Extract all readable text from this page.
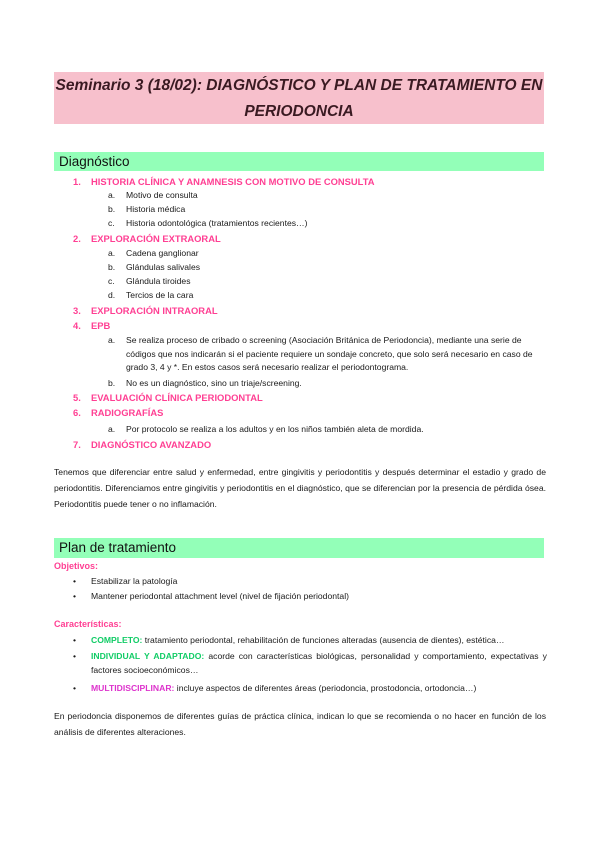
Seminario 3 (18/02): DIAGNÓSTICO Y PLAN DE TRATAMIENTO EN
PERIODONCIA
Diagnóstico
1. HISTORIA CLÍNICA Y ANAMNESIS CON MOTIVO DE CONSULTA
a. Motivo de consulta
b. Historia médica
c. Historia odontológica (tratamientos recientes…)
2. EXPLORACIÓN EXTRAORAL
a. Cadena ganglionar
b. Glándulas salivales
c. Glándula tiroides
d. Tercios de la cara
3. EXPLORACIÓN INTRAORAL
4. EPB
a.	Se realiza proceso de cribado o screening (Asociación Británica de Periodoncia), mediante una serie de códigos que nos indicarán si el paciente requiere un sondaje concreto, que solo será necesario en caso de grado 3, 4 y *. En estos casos será necesario realizar el periodontograma.
b. No es un diagnóstico, sino un triaje/screening.
5. EVALUACIÓN CLÍNICA PERIODONTAL
6. RADIOGRAFÍAS
a. Por protocolo se realiza a los adultos y en los niños también aleta de mordida.
7. DIAGNÓSTICO AVANZADO
Tenemos que diferenciar entre salud y enfermedad, entre gingivitis y periodontitis y después determinar el estadio y grado de periodontitis. Diferenciamos entre gingivitis y periodontitis en el diagnóstico, que se diferencian por la presencia de pérdida ósea. Periodontitis puede tener o no inflamación.
Plan de tratamiento
Objetivos:
• Estabilizar la patología
• Mantener periodontal attachment level (nivel de fijación periodontal)
Características:
•	COMPLETO: tratamiento periodontal, rehabilitación de funciones alteradas (ausencia de dientes), estética…
•	INDIVIDUAL Y ADAPTADO: acorde con características biológicas, personalidad y comportamiento, expectativas y factores socioeconómicos…
•	MULTIDISCIPLINAR: incluye aspectos de diferentes áreas (periodoncia, prostodoncia, ortodoncia…)
En periodoncia disponemos de diferentes guías de práctica clínica, indican lo que se recomienda o no hacer en función de los análisis de diferentes alteraciones.
